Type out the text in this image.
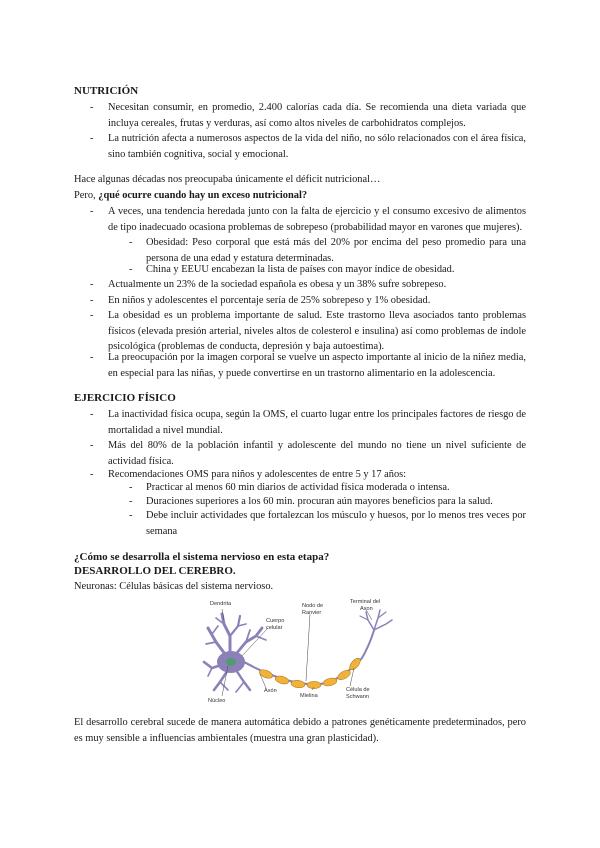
NUTRICIÓN
- Necesitan consumir, en promedio, 2.400 calorías cada día. Se recomienda una dieta variada que incluya cereales, frutas y verduras, así como altos niveles de carbohidratos complejos.
- La nutrición afecta a numerosos aspectos de la vida del niño, no sólo relacionados con el área física, sino también cognitiva, social y emocional.
Hace algunas décadas nos preocupaba únicamente el déficit nutricional…
Pero, ¿qué ocurre cuando hay un exceso nutricional?
- A veces, una tendencia heredada junto con la falta de ejercicio y el consumo excesivo de alimentos de tipo inadecuado ocasiona problemas de sobrepeso (probabilidad mayor en varones que mujeres).
- Obesidad: Peso corporal que está más del 20% por encima del peso promedio para una persona de una edad y estatura determinadas.
- China y EEUU encabezan la lista de países con mayor índice de obesidad.
- Actualmente un 23% de la sociedad española es obesa y un 38% sufre sobrepeso.
- En niños y adolescentes el porcentaje sería de 25% sobrepeso y 1% obesidad.
- La obesidad es un problema importante de salud. Este trastorno lleva asociados tanto problemas físicos (elevada presión arterial, niveles altos de colesterol e insulina) así como problemas de índole psicológica (problemas de conducta, depresión y baja autoestima).
- La preocupación por la imagen corporal se vuelve un aspecto importante al inicio de la niñez media, en especial para las niñas, y puede convertirse en un trastorno alimentario en la adolescencia.
EJERCICIO FÍSICO
- La inactividad física ocupa, según la OMS, el cuarto lugar entre los principales factores de riesgo de mortalidad a nivel mundial.
- Más del 80% de la población infantil y adolescente del mundo no tiene un nivel suficiente de actividad física.
- Recomendaciones OMS para niños y adolescentes de entre 5 y 17 años:
- Practicar al menos 60 min diarios de actividad física moderada o intensa.
- Duraciones superiores a los 60 min. procuran aún mayores beneficios para la salud.
- Debe incluir actividades que fortalezcan los músculo y huesos, por lo menos tres veces por semana
¿Cómo se desarrolla el sistema nervioso en esta etapa?
DESARROLLO DEL CEREBRO.
Neuronas: Células básicas del sistema nervioso.
Dendrita
Cuerpo
celular
Nodo de
Ranvier
Terminal del
Axon
Axón
Núcleo
Mielina
Célula de
Schwann
El desarrollo cerebral sucede de manera automática debido a patrones genéticamente predeterminados, pero es muy sensible a influencias ambientales (muestra una gran plasticidad).
